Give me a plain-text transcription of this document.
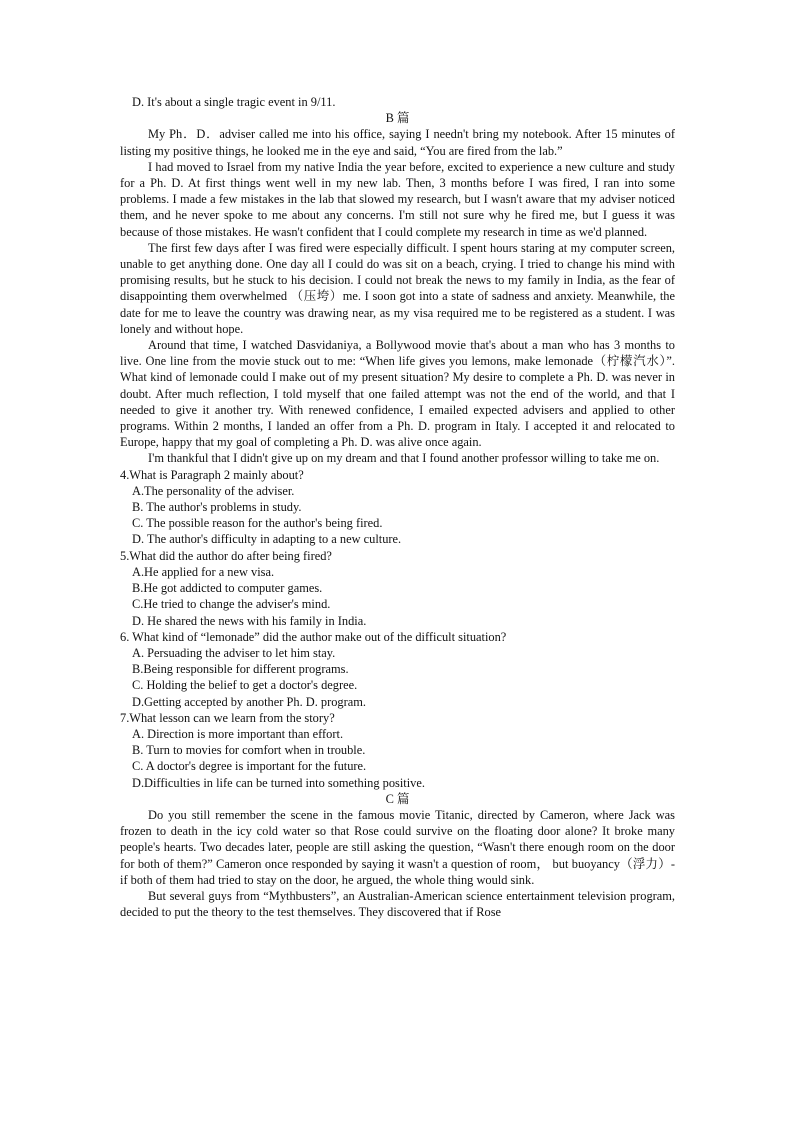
D. It's about a single tragic event in 9/11.
B 篇

My Ph．D．adviser called me into his office, saying I needn't bring my notebook. After 15 minutes of listing my positive things, he looked me in the eye and said, “You are fired from the lab.”

I had moved to Israel from my native India the year before, excited to experience a new culture and study for a Ph. D. At first things went well in my new lab. Then, 3 months before I was fired, I ran into some problems. I made a few mistakes in the lab that slowed my research, but I wasn't aware that my adviser noticed them, and he never spoke to me about any concerns. I'm still not sure why he fired me, but I guess it was because of those mistakes. He wasn't confident that I could complete my research in time as we'd planned.

The first few days after I was fired were especially difficult. I spent hours staring at my computer screen, unable to get anything done. One day all I could do was sit on a beach, crying. I tried to change his mind with promising results, but he stuck to his decision. I could not break the news to my family in India, as the fear of disappointing them overwhelmed （压垮）me. I soon got into a state of sadness and anxiety. Meanwhile, the date for me to leave the country was drawing near, as my visa required me to be registered as a student. I was lonely and without hope.

Around that time, I watched Dasvidaniya, a Bollywood movie that's about a man who has 3 months to live. One line from the movie stuck out to me: “When life gives you lemons, make lemonade（柠檬汽水）”. What kind of lemonade could I make out of my present situation? My desire to complete a Ph. D. was never in doubt. After much reflection, I told myself that one failed attempt was not the end of the world, and that I needed to give it another try. With renewed confidence, I emailed expected advisers and applied to other programs. Within 2 months, I landed an offer from a Ph. D. program in Italy. I accepted it and relocated to Europe, happy that my goal of completing a Ph. D. was alive once again.

I'm thankful that I didn't give up on my dream and that I found another professor willing to take me on.

4.What is Paragraph 2 mainly about?
A.The personality of the adviser.
B. The author's problems in study.
C. The possible reason for the author's being fired.
D. The author's difficulty in adapting to a new culture.
5.What did the author do after being fired?
A.He applied for a new visa.
B.He got addicted to computer games.
C.He tried to change the adviser's mind.
D. He shared the news with his family in India.
6. What kind of “lemonade” did the author make out of the difficult situation?
A. Persuading the adviser to let him stay.
B.Being responsible for different programs.
C. Holding the belief to get a doctor's degree.
D.Getting accepted by another Ph. D. program.
7.What lesson can we learn from the story?
A. Direction is more important than effort.
B. Turn to movies for comfort when in trouble.
C. A doctor's degree is important for the future.
D.Difficulties in life can be turned into something positive.
C 篇

Do you still remember the scene in the famous movie Titanic, directed by Cameron, where Jack was frozen to death in the icy cold water so that Rose could survive on the floating door alone? It broke many people's hearts. Two decades later, people are still asking the question, “Wasn't there enough room on the door for both of them?” Cameron once responded by saying it wasn't a question of room， but buoyancy（浮力）-if both of them had tried to stay on the door, he argued, the whole thing would sink.

But several guys from “Mythbusters”, an Australian-American science entertainment television program, decided to put the theory to the test themselves. They discovered that if Rose
